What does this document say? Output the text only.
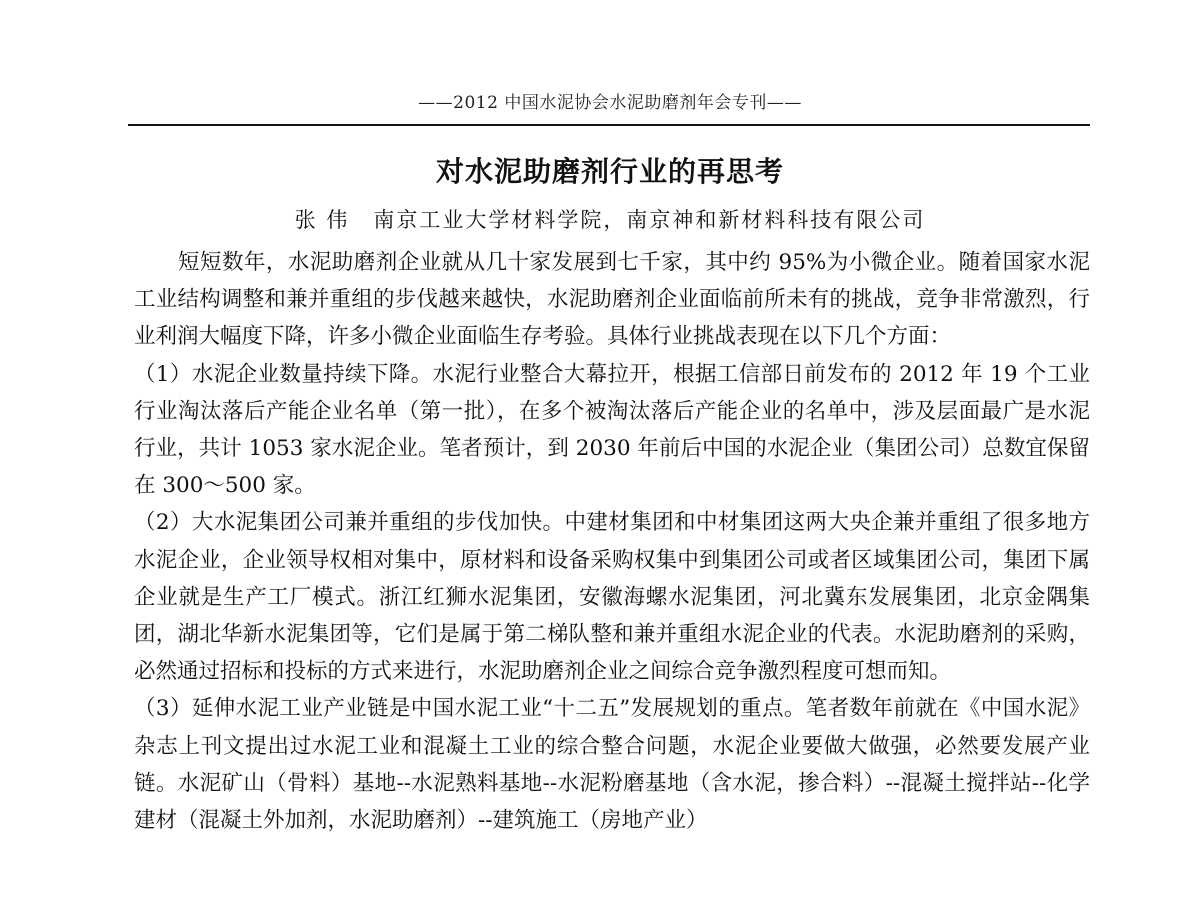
——2012 中国水泥协会水泥助磨剂年会专刊——
对水泥助磨剂行业的再思考
张 伟 南京工业大学材料学院，南京神和新材料科技有限公司

短短数年，水泥助磨剂企业就从几十家发展到七千家，其中约 95%为小微企业。随着国家水泥工业结构调整和兼并重组的步伐越来越快，水泥助磨剂企业面临前所未有的挑战，竞争非常激烈，行业利润大幅度下降，许多小微企业面临生存考验。具体行业挑战表现在以下几个方面：

（1）水泥企业数量持续下降。水泥行业整合大幕拉开，根据工信部日前发布的 2012 年 19 个工业行业淘汰落后产能企业名单（第一批），在多个被淘汰落后产能企业的名单中，涉及层面最广是水泥行业，共计 1053 家水泥企业。笔者预计，到 2030 年前后中国的水泥企业（集团公司）总数宜保留在 300～500 家。

（2）大水泥集团公司兼并重组的步伐加快。中建材集团和中材集团这两大央企兼并重组了很多地方水泥企业，企业领导权相对集中，原材料和设备采购权集中到集团公司或者区域集团公司，集团下属企业就是生产工厂模式。浙江红狮水泥集团，安徽海螺水泥集团，河北冀东发展集团，北京金隅集团，湖北华新水泥集团等，它们是属于第二梯队整和兼并重组水泥企业的代表。水泥助磨剂的采购，必然通过招标和投标的方式来进行，水泥助磨剂企业之间综合竞争激烈程度可想而知。

（3）延伸水泥工业产业链是中国水泥工业“十二五”发展规划的重点。笔者数年前就在《中国水泥》杂志上刊文提出过水泥工业和混凝土工业的综合整合问题，水泥企业要做大做强，必然要发展产业链。水泥矿山（骨料）基地--水泥熟料基地--水泥粉磨基地（含水泥，掺合料）--混凝土搅拌站--化学建材（混凝土外加剂，水泥助磨剂）--建筑施工（房地产业）
